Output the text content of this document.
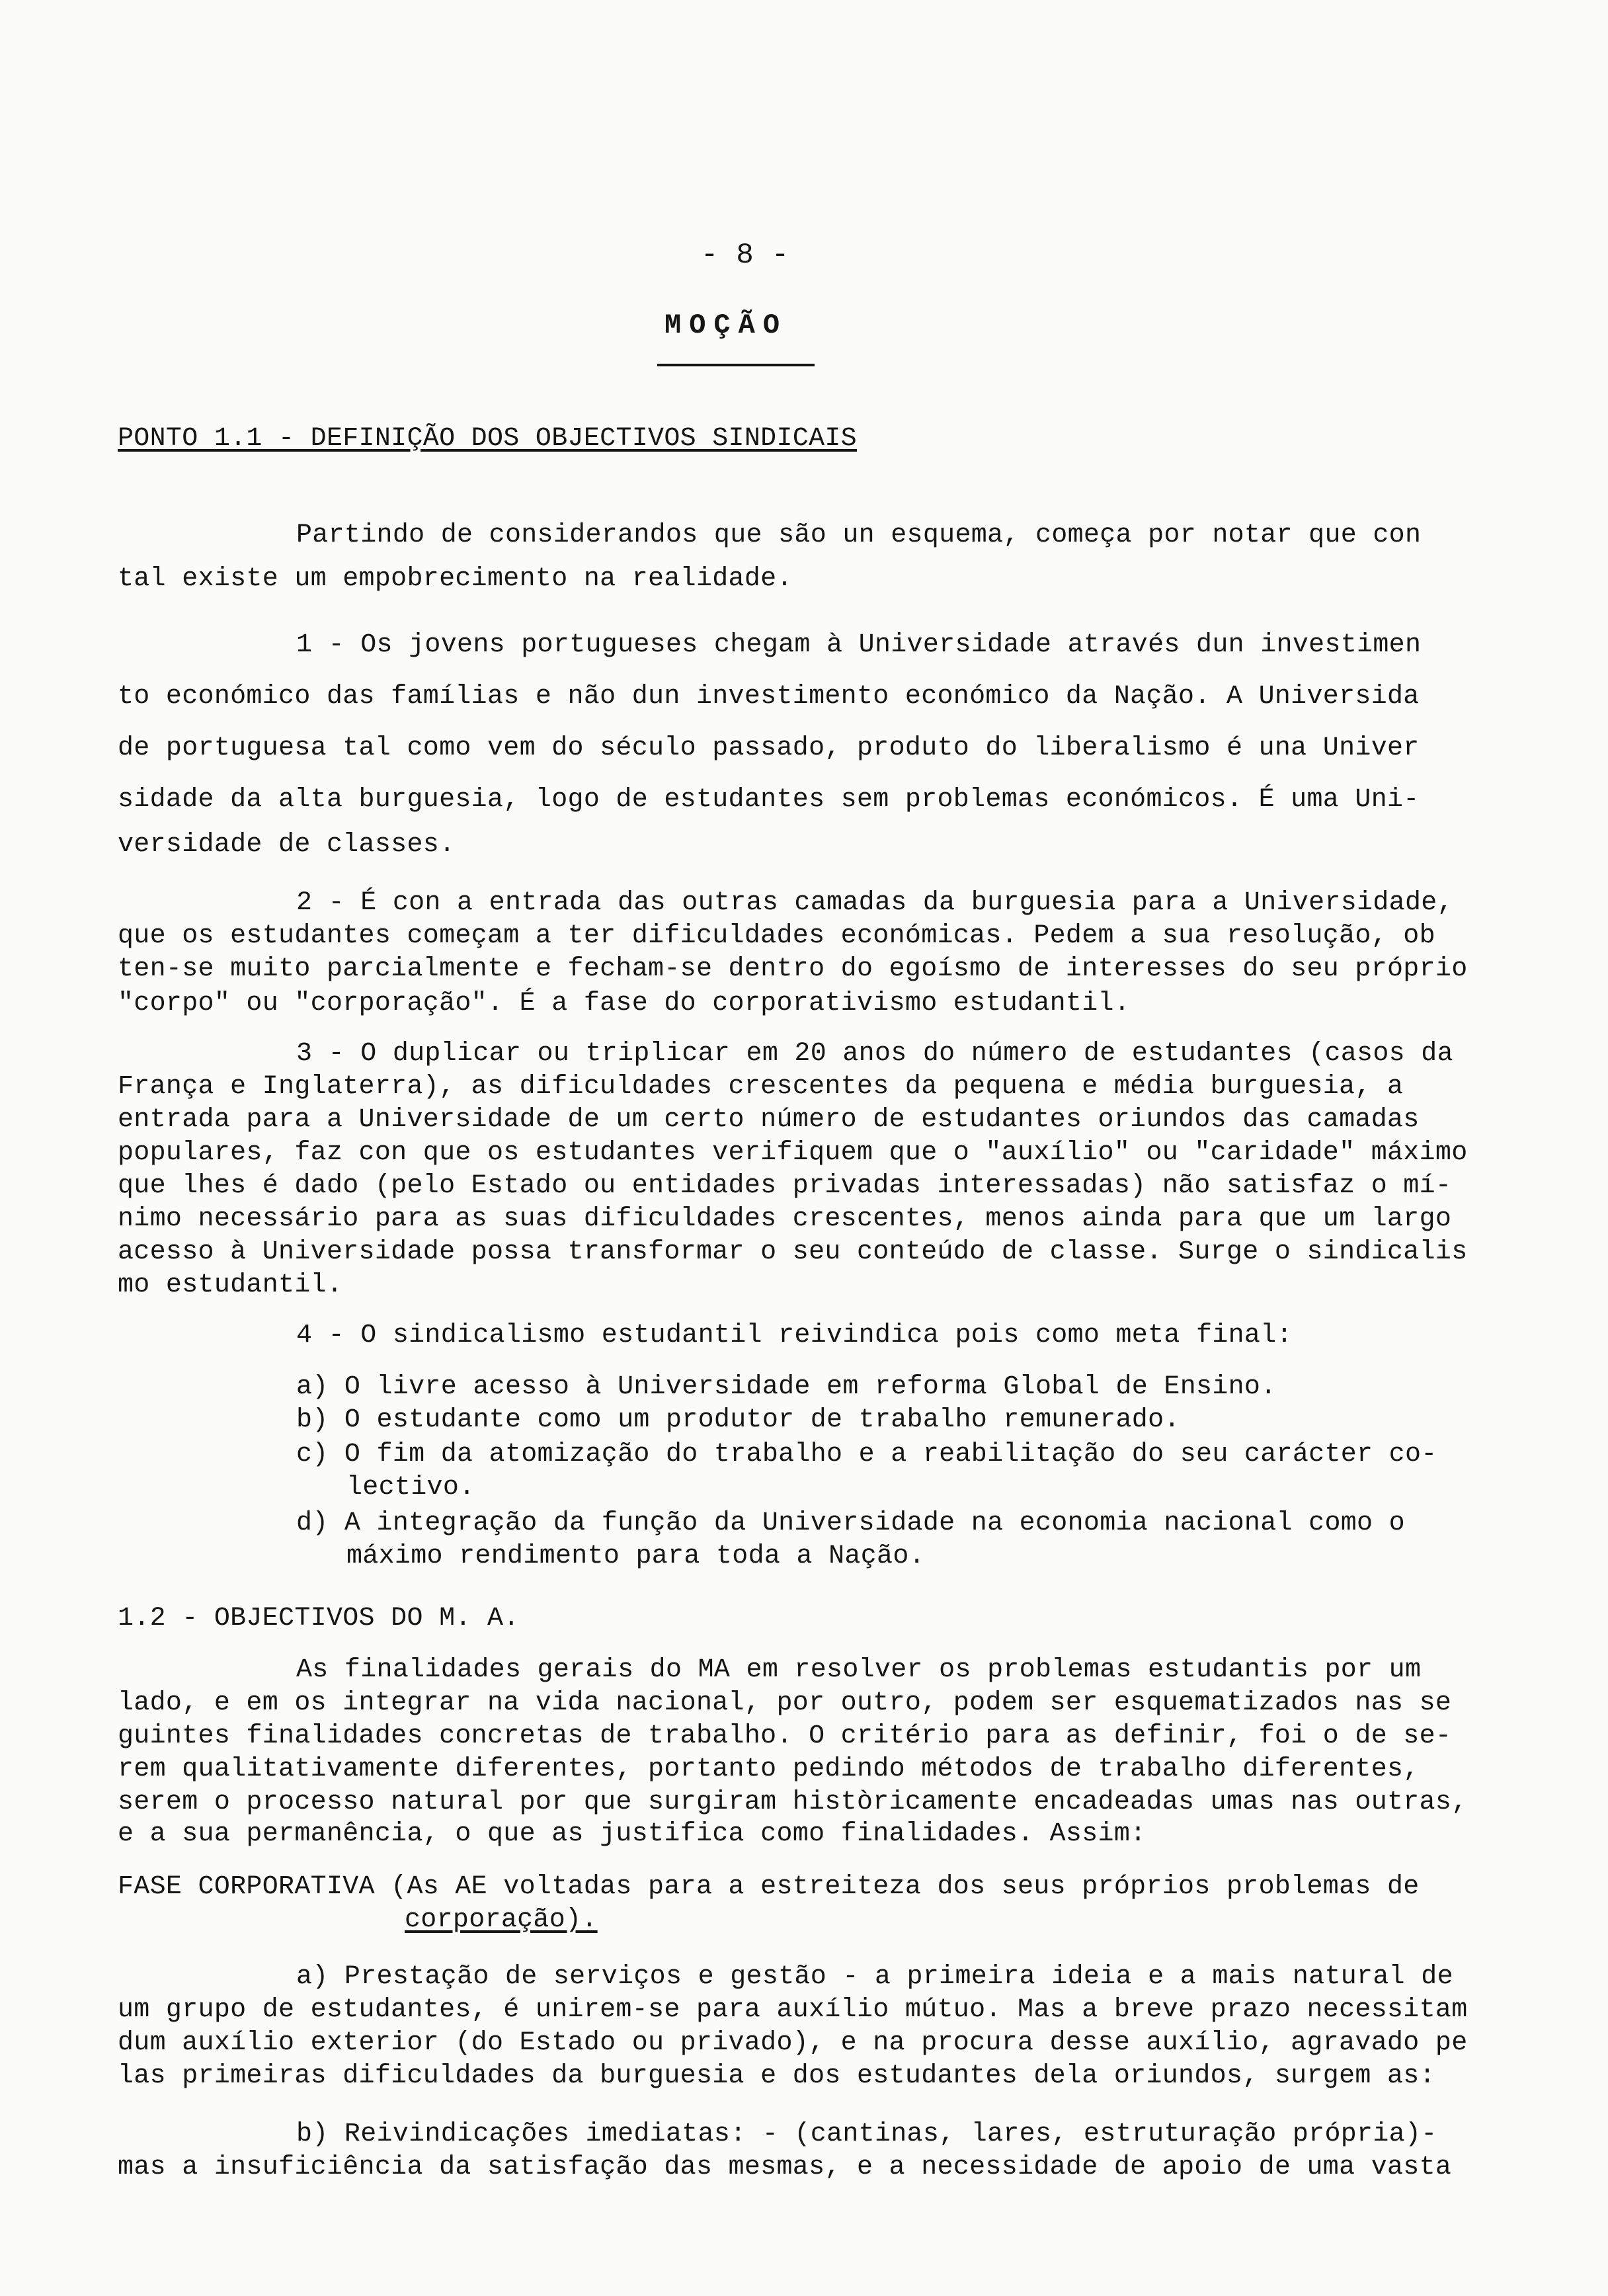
- 8 -
MOÇÃO
PONTO 1.1 - DEFINIÇÃO DOS OBJECTIVOS SINDICAIS
Partindo de considerandos que são un esquema, começa por notar que con
tal existe um empobrecimento na realidade.
1 - Os jovens portugueses chegam à Universidade através dun investimen
to económico das famílias e não dun investimento económico da Nação. A Universida
de portuguesa tal como vem do século passado, produto do liberalismo é una Univer
sidade da alta burguesia, logo de estudantes sem problemas económicos. É uma Uni-
versidade de classes.
2 - É con a entrada das outras camadas da burguesia para a Universidade,
que os estudantes começam a ter dificuldades económicas. Pedem a sua resolução, ob
ten-se muito parcialmente e fecham-se dentro do egoísmo de interesses do seu próprio
"corpo" ou "corporação". É a fase do corporativismo estudantil.
3 - O duplicar ou triplicar em 20 anos do número de estudantes (casos da
França e Inglaterra), as dificuldades crescentes da pequena e média burguesia, a
entrada para a Universidade de um certo número de estudantes oriundos das camadas
populares, faz con que os estudantes verifiquem que o "auxílio" ou "caridade" máximo
que lhes é dado (pelo Estado ou entidades privadas interessadas) não satisfaz o mí-
nimo necessário para as suas dificuldades crescentes, menos ainda para que um largo
acesso à Universidade possa transformar o seu conteúdo de classe. Surge o sindicalis
mo estudantil.
4 - O sindicalismo estudantil reivindica pois como meta final:
a) O livre acesso à Universidade em reforma Global de Ensino.
b) O estudante como um produtor de trabalho remunerado.
c) O fim da atomização do trabalho e a reabilitação do seu carácter co-
lectivo.
d) A integração da função da Universidade na economia nacional como o
máximo rendimento para toda a Nação.
1.2 - OBJECTIVOS DO M. A.
As finalidades gerais do MA em resolver os problemas estudantis por um
lado, e em os integrar na vida nacional, por outro, podem ser esquematizados nas se
guintes finalidades concretas de trabalho. O critério para as definir, foi o de se-
rem qualitativamente diferentes, portanto pedindo métodos de trabalho diferentes,
serem o processo natural por que surgiram històricamente encadeadas umas nas outras,
e a sua permanência, o que as justifica como finalidades. Assim:
FASE CORPORATIVA (As AE voltadas para a estreiteza dos seus próprios problemas de
corporação).
a) Prestação de serviços e gestão - a primeira ideia e a mais natural de
um grupo de estudantes, é unirem-se para auxílio mútuo. Mas a breve prazo necessitam
dum auxílio exterior (do Estado ou privado), e na procura desse auxílio, agravado pe
las primeiras dificuldades da burguesia e dos estudantes dela oriundos, surgem as:
b) Reivindicações imediatas: - (cantinas, lares, estruturação própria)-
mas a insuficiência da satisfação das mesmas, e a necessidade de apoio de uma vasta
